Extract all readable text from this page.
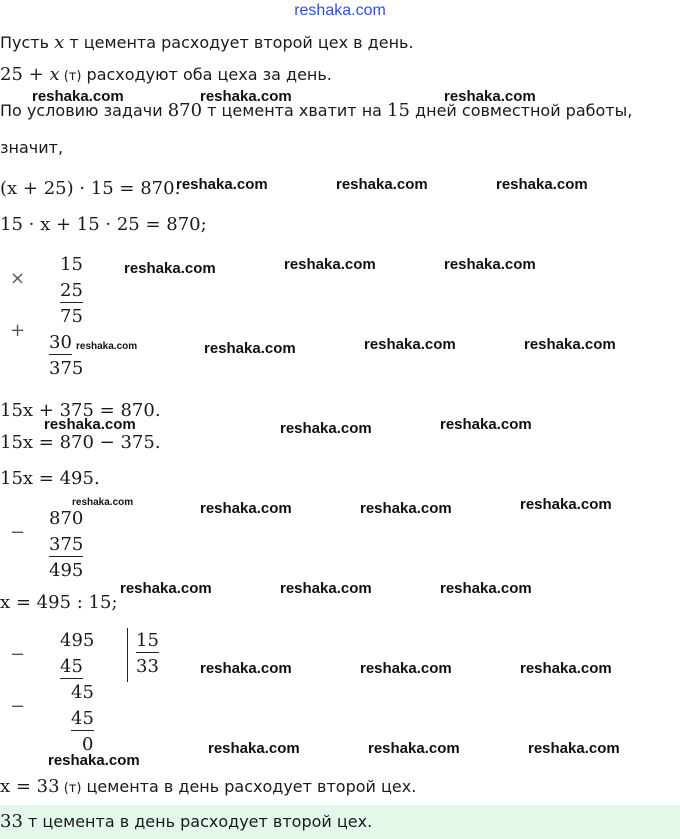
reshaka.com
Пусть x т цемента расходует второй цех в день.
25 + x (т) расходуют оба цеха за день.
По условию задачи 870 т цемента хватит на 15 дней совместной работы,
значит,
(x + 25) · 15 = 870.
15 · x + 15 · 25 = 870;
×
15
25
75
+
30
375
15x + 375 = 870.
15x = 870 − 375.
15x = 495.
−
870
375
495
x = 495 : 15;
−
495
45
15
33
−
45
45
0
x = 33 (т) цемента в день расходует второй цех.
33 т цемента в день расходует второй цех.
reshaka.com	reshaka.com	reshaka.com
reshaka.com	reshaka.com	reshaka.com
reshaka.com	reshaka.com	reshaka.com
reshaka.com	reshaka.com	reshaka.com	reshaka.com
reshaka.com	reshaka.com	reshaka.com
reshaka.com	reshaka.com	reshaka.com	reshaka.com
reshaka.com	reshaka.com	reshaka.com
reshaka.com	reshaka.com	reshaka.com
reshaka.com
reshaka.com	reshaka.com	reshaka.com
